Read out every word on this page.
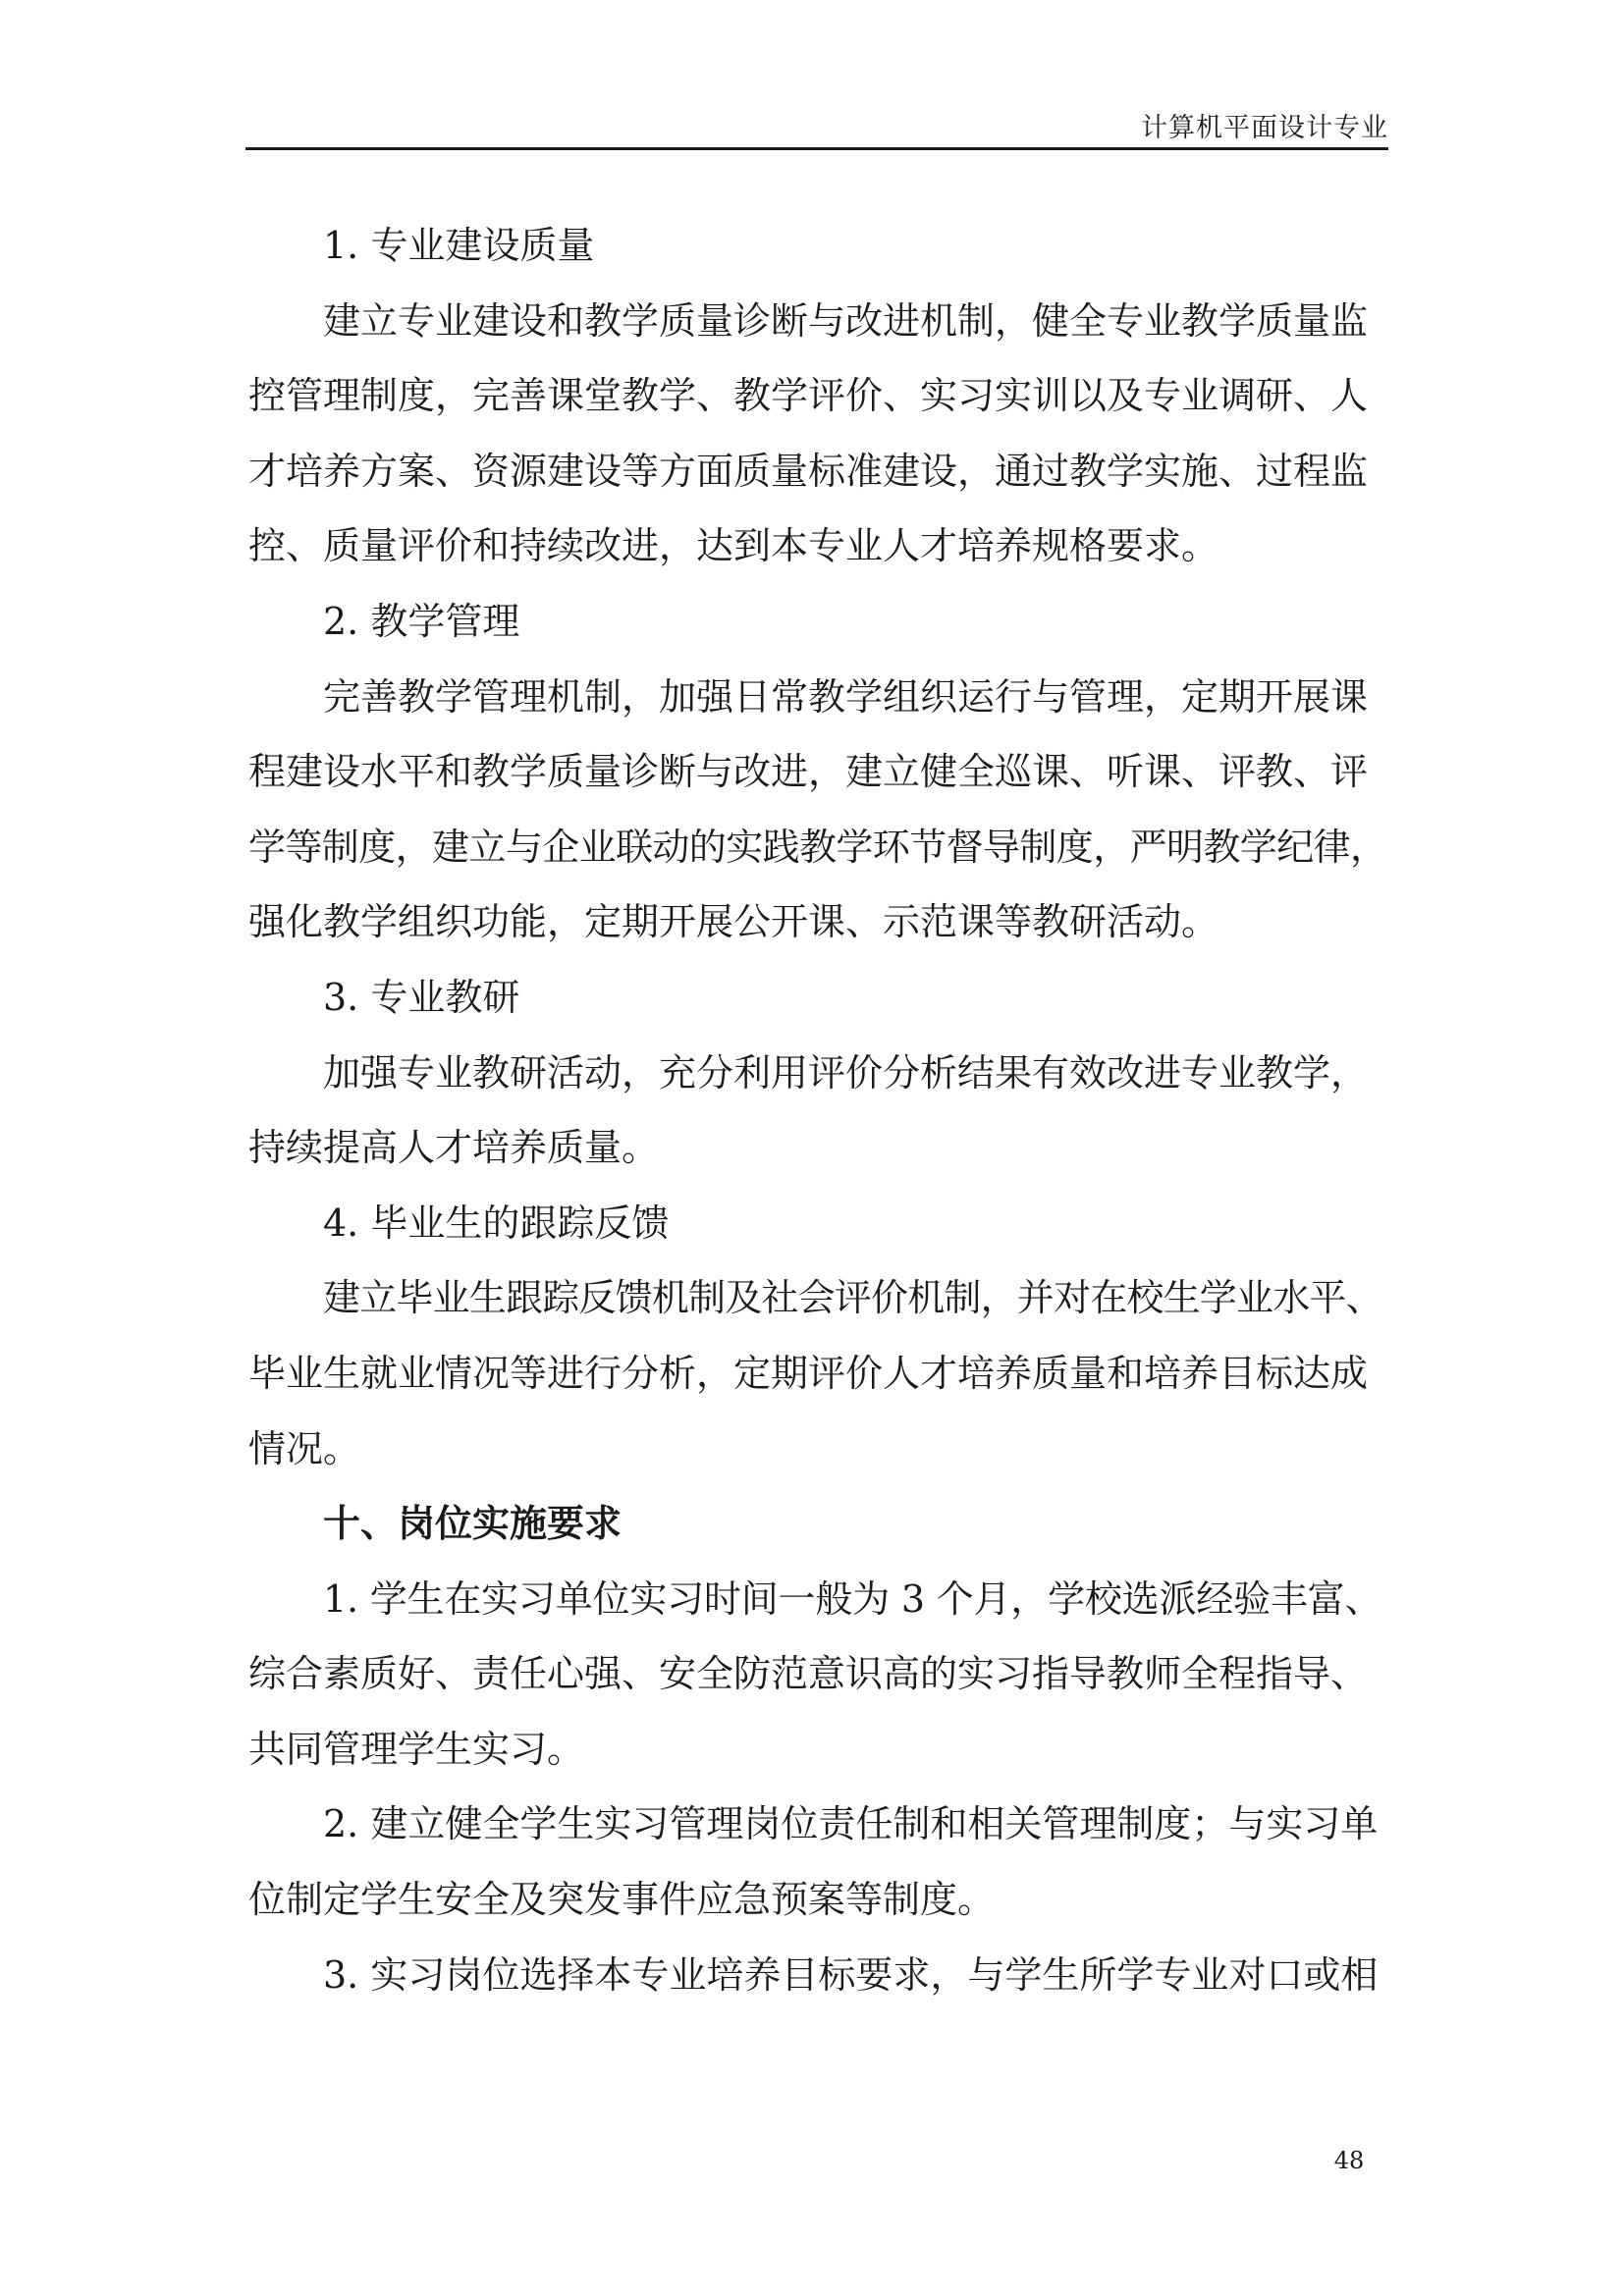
计算机平面设计专业
1. 专业建设质量
建立专业建设和教学质量诊断与改进机制，健全专业教学质量监
控管理制度，完善课堂教学、教学评价、实习实训以及专业调研、人
才培养方案、资源建设等方面质量标准建设，通过教学实施、过程监
控、质量评价和持续改进，达到本专业人才培养规格要求。
2. 教学管理
完善教学管理机制，加强日常教学组织运行与管理，定期开展课
程建设水平和教学质量诊断与改进，建立健全巡课、听课、评教、评
学等制度，建立与企业联动的实践教学环节督导制度，严明教学纪律，
强化教学组织功能，定期开展公开课、示范课等教研活动。
3. 专业教研
加强专业教研活动，充分利用评价分析结果有效改进专业教学，
持续提高人才培养质量。
4. 毕业生的跟踪反馈
建立毕业生跟踪反馈机制及社会评价机制，并对在校生学业水平、
毕业生就业情况等进行分析，定期评价人才培养质量和培养目标达成
情况。
十、岗位实施要求
1. 学生在实习单位实习时间一般为 3 个月，学校选派经验丰富、
综合素质好、责任心强、安全防范意识高的实习指导教师全程指导、
共同管理学生实习。
2. 建立健全学生实习管理岗位责任制和相关管理制度；与实习单
位制定学生安全及突发事件应急预案等制度。
3. 实习岗位选择本专业培养目标要求，与学生所学专业对口或相
48
